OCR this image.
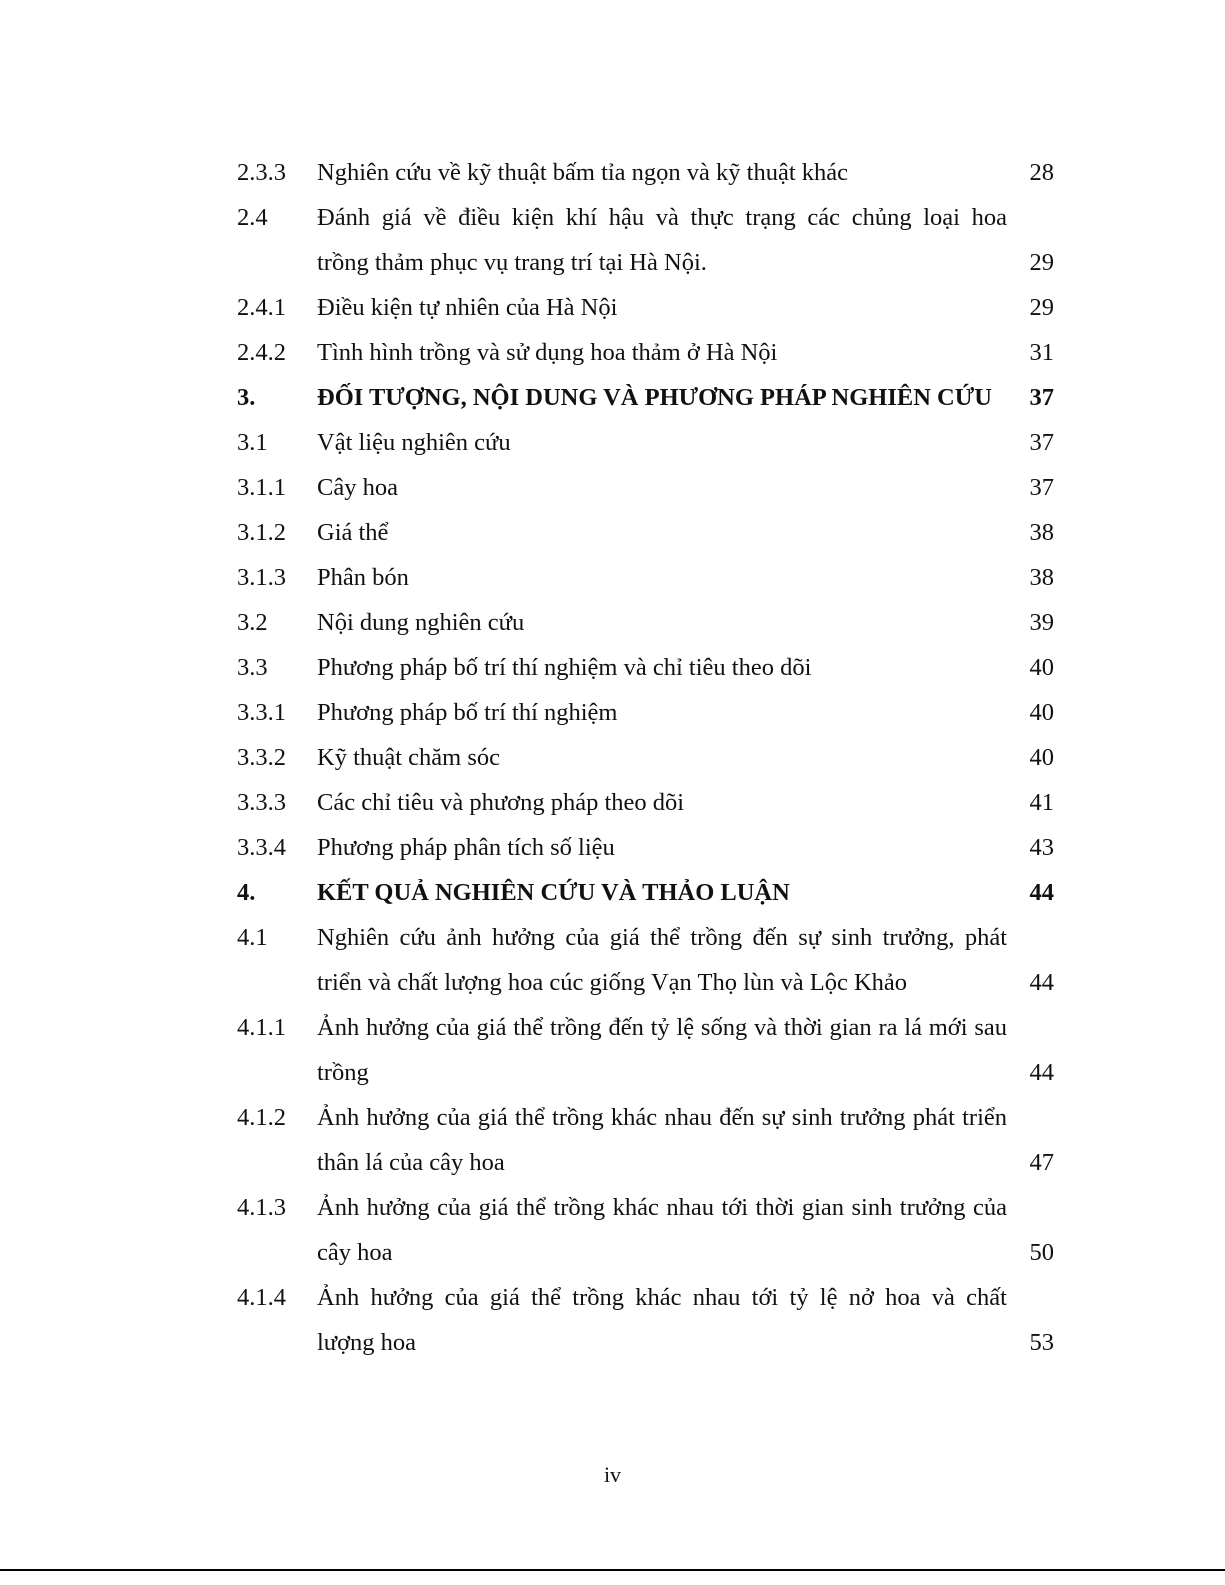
2.3.3 Nghiên cứu về kỹ thuật bấm tỉa ngọn và kỹ thuật khác	28
2.4 Đánh giá về điều kiện khí hậu và thực trạng các chủng loại hoa
trồng thảm phục vụ trang trí tại Hà Nội.	29
2.4.1 Điều kiện tự nhiên của Hà Nội	29
2.4.2 Tình hình trồng và sử dụng hoa thảm ở Hà Nội	31
3.	ĐỐI TƯỢNG, NỘI DUNG VÀ PHƯƠNG PHÁP NGHIÊN CỨU	37
3.1 Vật liệu nghiên cứu	37
3.1.1 Cây hoa	37
3.1.2 Giá thể	38
3.1.3 Phân bón	38
3.2 Nội dung nghiên cứu	39
3.3 Phương pháp bố trí thí nghiệm và chỉ tiêu theo dõi	40
3.3.1 Phương pháp bố trí thí nghiệm	40
3.3.2 Kỹ thuật chăm sóc	40
3.3.3 Các chỉ tiêu và phương pháp theo dõi	41
3.3.4 Phương pháp phân tích số liệu	43
4.	KẾT QUẢ NGHIÊN CỨU VÀ THẢO LUẬN	44
4.1 Nghiên cứu ảnh hưởng của giá thể trồng đến sự sinh trưởng, phát
triển và chất lượng hoa cúc giống Vạn Thọ lùn và Lộc Khảo	44
4.1.1 Ảnh hưởng của giá thể trồng đến tỷ lệ sống và thời gian ra lá mới sau
trồng	44
4.1.2 Ảnh hưởng của giá thể trồng khác nhau đến sự sinh trưởng phát triển
thân lá của cây hoa	47
4.1.3 Ảnh hưởng của giá thể trồng khác nhau tới thời gian sinh trưởng của
cây hoa	50
4.1.4 Ảnh hưởng của giá thể trồng khác nhau tới tỷ lệ nở hoa và chất
lượng hoa	53
iv
